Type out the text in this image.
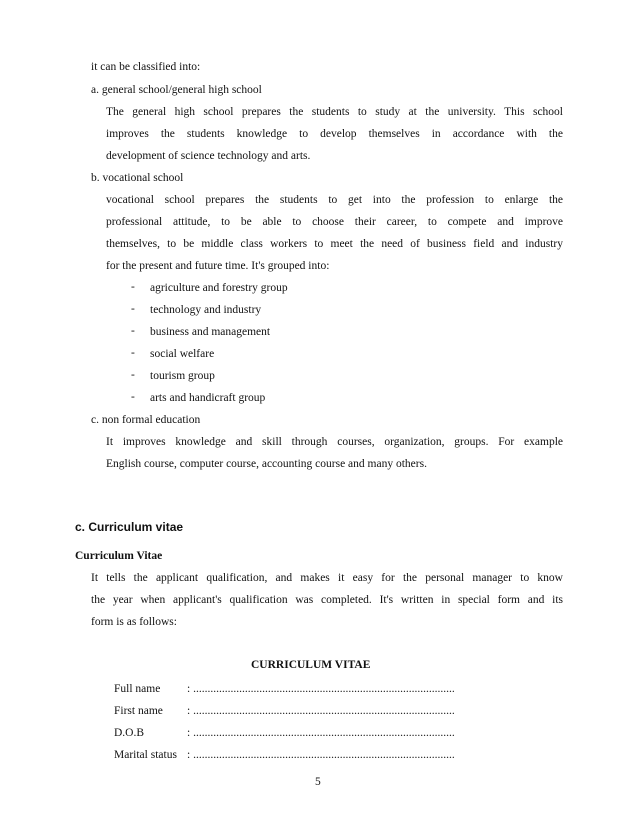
it can be classified into:
a. general school/general high school
The general high school prepares the students to study at the university. This school
improves the students knowledge to develop themselves in accordance with the
development of science technology and arts.
b. vocational school
vocational school prepares the students to get into the profession to enlarge the
professional attitude, to be able to choose their career, to compete and improve
themselves, to be middle class workers to meet the need of business field and industry
for the present and future time. It's grouped into:
-	agriculture and forestry group
-	technology and industry
-	business and management
-	social welfare
-	tourism group
-	arts and handicraft group
c. non formal education
It improves knowledge and skill through courses, organization, groups. For example
English course, computer course, accounting course and many others.
c. Curriculum vitae
Curriculum Vitae
It tells the applicant qualification, and makes it easy for the personal manager to know
the year when applicant's qualification was completed. It's written in special form and its
form is as follows:
CURRICULUM VITAE
Full name : ...........................................................................................
First name : ...........................................................................................
D.O.B	: ...........................................................................................
Marital status : ...........................................................................................
5
